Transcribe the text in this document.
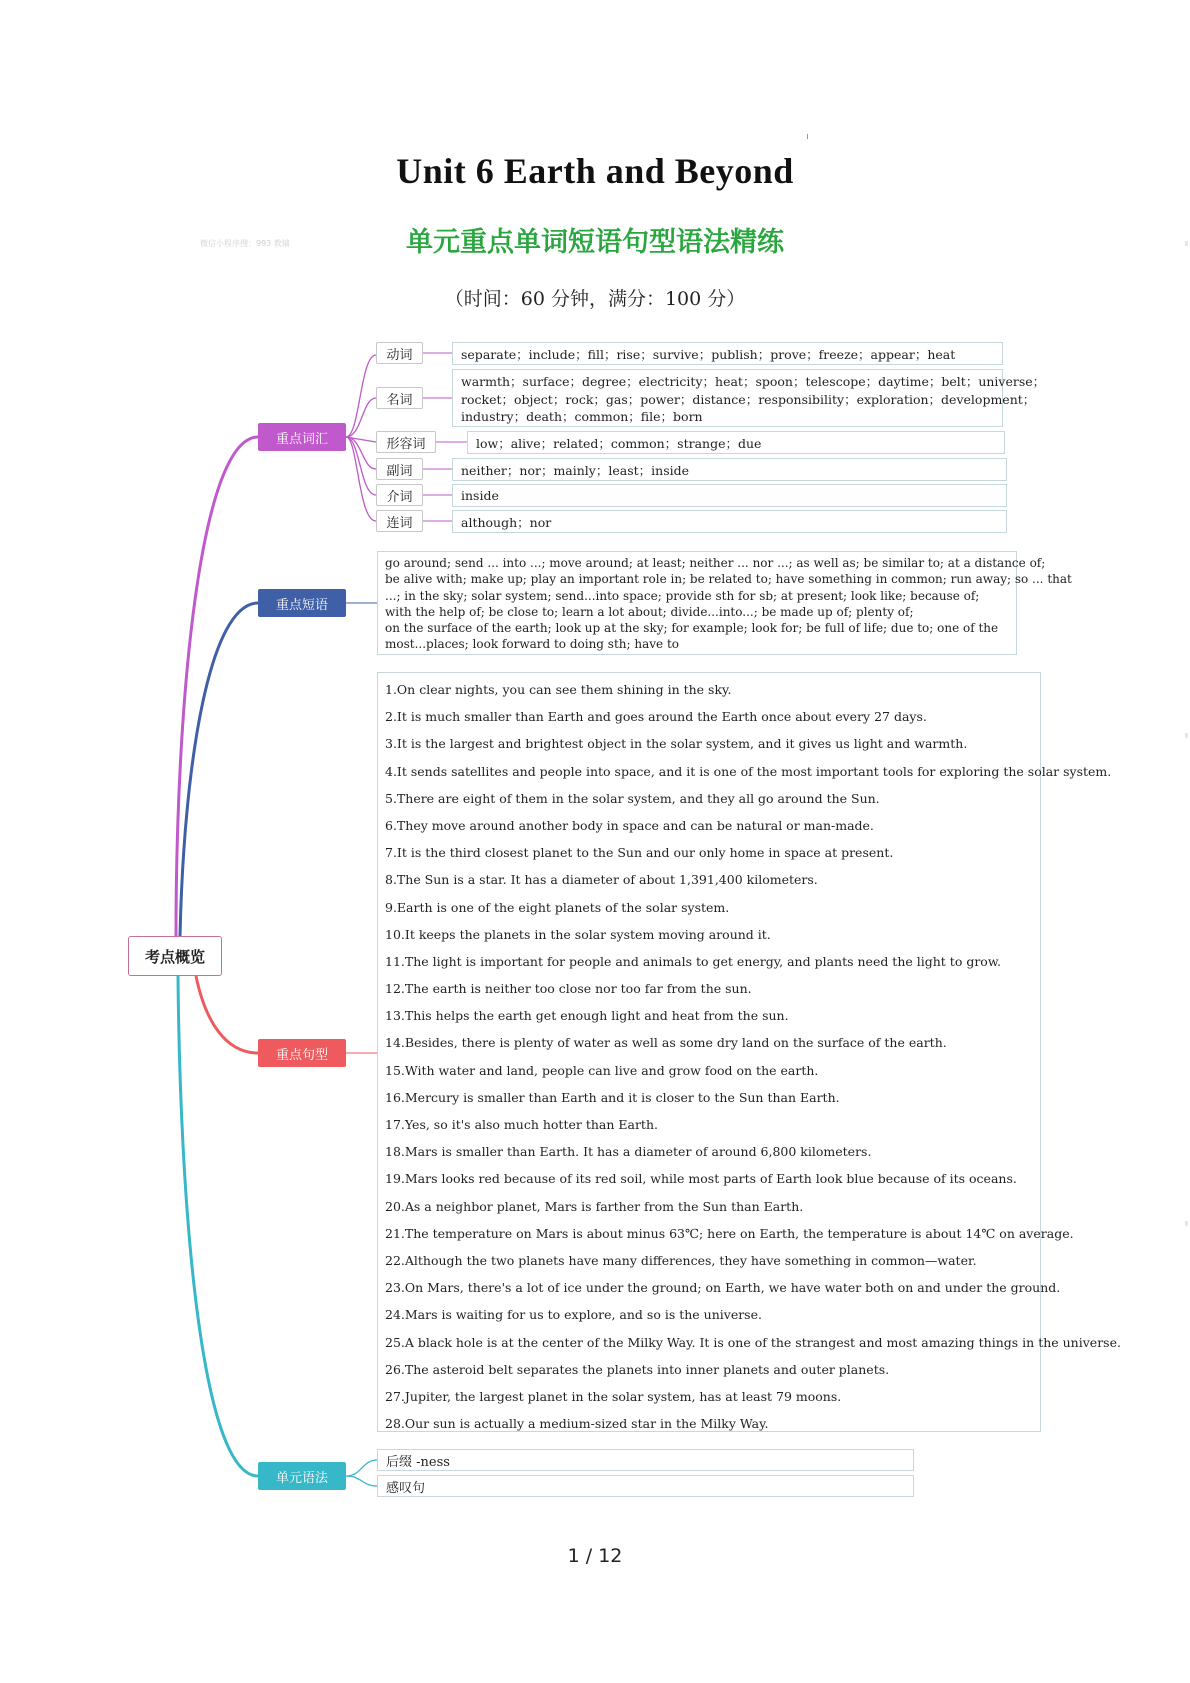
Unit 6 Earth and Beyond
微信小程序搜：993 教辅	单元重点单词短语句型语法精练
（时间：60 分钟，满分：100 分）
考点概览
重点词汇
重点短语
重点句型
单元语法
动词
名词
形容词
副词
介词
连词
separate；include；fill；rise；survive；publish；prove；freeze；appear；heat
warmth；surface；degree；electricity；heat；spoon；telescope；daytime；belt；universe；
rocket；object；rock；gas；power；distance；responsibility；exploration；development；
industry；death；common；file；born
low；alive；related；common；strange；due
neither；nor；mainly；least；inside
inside
although；nor
go around; send ... into ...; move around; at least; neither ... nor ...; as well as; be similar to; at a distance of;
be alive with; make up; play an important role in; be related to; have something in common; run away; so ... that
...; in the sky; solar system; send...into space; provide sth for sb; at present; look like; because of;
with the help of; be close to; learn a lot about; divide...into...; be made up of; plenty of;
on the surface of the earth; look up at the sky; for example; look for; be full of life; due to; one of the
most...places; look forward to doing sth; have to
1.On clear nights, you can see them shining in the sky.
2.It is much smaller than Earth and goes around the Earth once about every 27 days.
3.It is the largest and brightest object in the solar system, and it gives us light and warmth.
4.It sends satellites and people into space, and it is one of the most important tools for exploring the solar system.
5.There are eight of them in the solar system, and they all go around the Sun.
6.They move around another body in space and can be natural or man-made.
7.It is the third closest planet to the Sun and our only home in space at present.
8.The Sun is a star. It has a diameter of about 1,391,400 kilometers.
9.Earth is one of the eight planets of the solar system.
10.It keeps the planets in the solar system moving around it.
11.The light is important for people and animals to get energy, and plants need the light to grow.
12.The earth is neither too close nor too far from the sun.
13.This helps the earth get enough light and heat from the sun.
14.Besides, there is plenty of water as well as some dry land on the surface of the earth.
15.With water and land, people can live and grow food on the earth.
16.Mercury is smaller than Earth and it is closer to the Sun than Earth.
17.Yes, so it's also much hotter than Earth.
18.Mars is smaller than Earth. It has a diameter of around 6,800 kilometers.
19.Mars looks red because of its red soil, while most parts of Earth look blue because of its oceans.
20.As a neighbor planet, Mars is farther from the Sun than Earth.
21.The temperature on Mars is about minus 63℃; here on Earth, the temperature is about 14℃ on average.
22.Although the two planets have many differences, they have something in common—water.
23.On Mars, there's a lot of ice under the ground; on Earth, we have water both on and under the ground.
24.Mars is waiting for us to explore, and so is the universe.
25.A black hole is at the center of the Milky Way. It is one of the strangest and most amazing things in the universe.
26.The asteroid belt separates the planets into inner planets and outer planets.
27.Jupiter, the largest planet in the solar system, has at least 79 moons.
28.Our sun is actually a medium-sized star in the Milky Way.
后缀 -ness
感叹句
1 / 12
